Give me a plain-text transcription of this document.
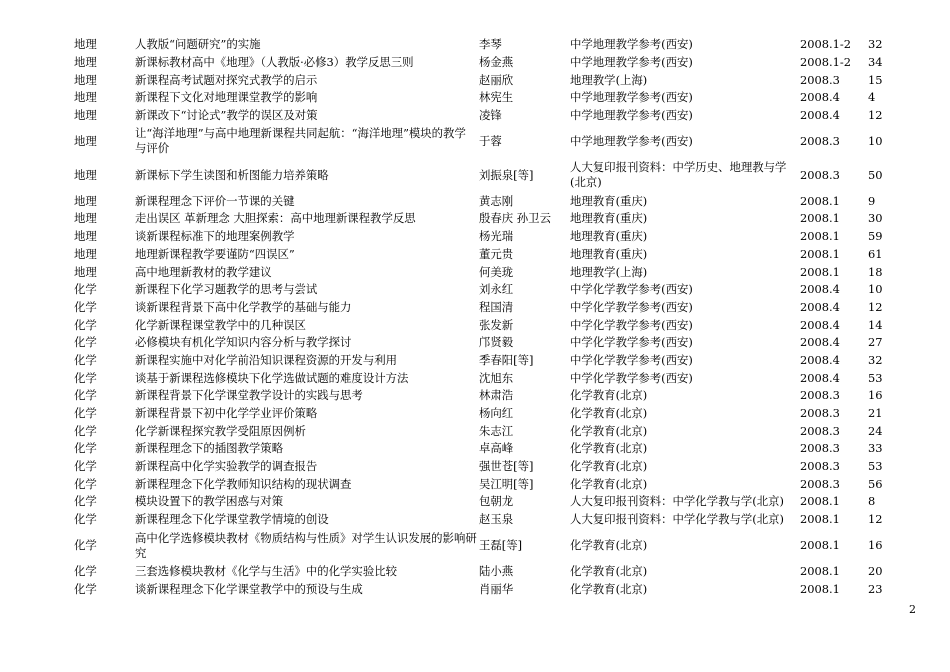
地理	人教版“问题研究”的实施	李琴	中学地理教学参考(西安)	2008.1-2	32
地理	新课标教材高中《地理》（人教版·必修3）教学反思三则	杨金燕	中学地理教学参考(西安)	2008.1-2	34
地理	新课程高考试题对探究式教学的启示	赵丽欣	地理教学(上海)	2008.3	15
地理	新课程下文化对地理课堂教学的影响	林宪生	中学地理教学参考(西安)	2008.4	4
地理	新课改下“讨论式”教学的误区及对策	凌锋	中学地理教学参考(西安)	2008.4	12
地理	让“海洋地理”与高中地理新课程共同起航：“海洋地理”模块的教学与评价	于蓉	中学地理教学参考(西安)	2008.3	10
地理	新课标下学生读图和析图能力培养策略	刘振泉[等]	人大复印报刊资料：中学历史、地理教与学(北京)	2008.3	50
地理	新课程理念下评价一节课的关键	黄志刚	地理教育(重庆)	2008.1	9
地理	走出误区 革新理念 大胆探索：高中地理新课程教学反思	殷春庆 孙卫云	地理教育(重庆)	2008.1	30
地理	谈新课程标准下的地理案例教学	杨光瑞	地理教育(重庆)	2008.1	59
地理	地理新课程教学要谨防“四误区”	董元贵	地理教育(重庆)	2008.1	61
地理	高中地理新教材的教学建议	何美珑	地理教学(上海)	2008.1	18
化学	新课程下化学习题教学的思考与尝试	刘永红	中学化学教学参考(西安)	2008.4	10
化学	谈新课程背景下高中化学教学的基础与能力	程国清	中学化学教学参考(西安)	2008.4	12
化学	化学新课程课堂教学中的几种误区	张发新	中学化学教学参考(西安)	2008.4	14
化学	必修模块有机化学知识内容分析与教学探讨	邝贤毅	中学化学教学参考(西安)	2008.4	27
化学	新课程实施中对化学前沿知识课程资源的开发与利用	季春阳[等]	中学化学教学参考(西安)	2008.4	32
化学	谈基于新课程选修模块下化学选做试题的难度设计方法	沈旭东	中学化学教学参考(西安)	2008.4	53
化学	新课程背景下化学课堂教学设计的实践与思考	林肃浩	化学教育(北京)	2008.3	16
化学	新课程背景下初中化学学业评价策略	杨向红	化学教育(北京)	2008.3	21
化学	化学新课程探究教学受阻原因例析	朱志江	化学教育(北京)	2008.3	24
化学	新课程理念下的插图教学策略	卓高峰	化学教育(北京)	2008.3	33
化学	新课程高中化学实验教学的调查报告	强世苍[等]	化学教育(北京)	2008.3	53
化学	新课程理念下化学教师知识结构的现状调查	吴江明[等]	化学教育(北京)	2008.3	56
化学	模块设置下的教学困惑与对策	包朝龙	人大复印报刊资料：中学化学教与学(北京)	2008.1	8
化学	新课程理念下化学课堂教学情境的创设	赵玉泉	人大复印报刊资料：中学化学教与学(北京)	2008.1	12
化学	高中化学选修模块教材《物质结构与性质》对学生认识发展的影响研究	王磊[等]	化学教育(北京)	2008.1	16
化学	三套选修模块教材《化学与生活》中的化学实验比较	陆小燕	化学教育(北京)	2008.1	20
化学	谈新课程理念下化学课堂教学中的预设与生成	肖丽华	化学教育(北京)	2008.1	23
2
